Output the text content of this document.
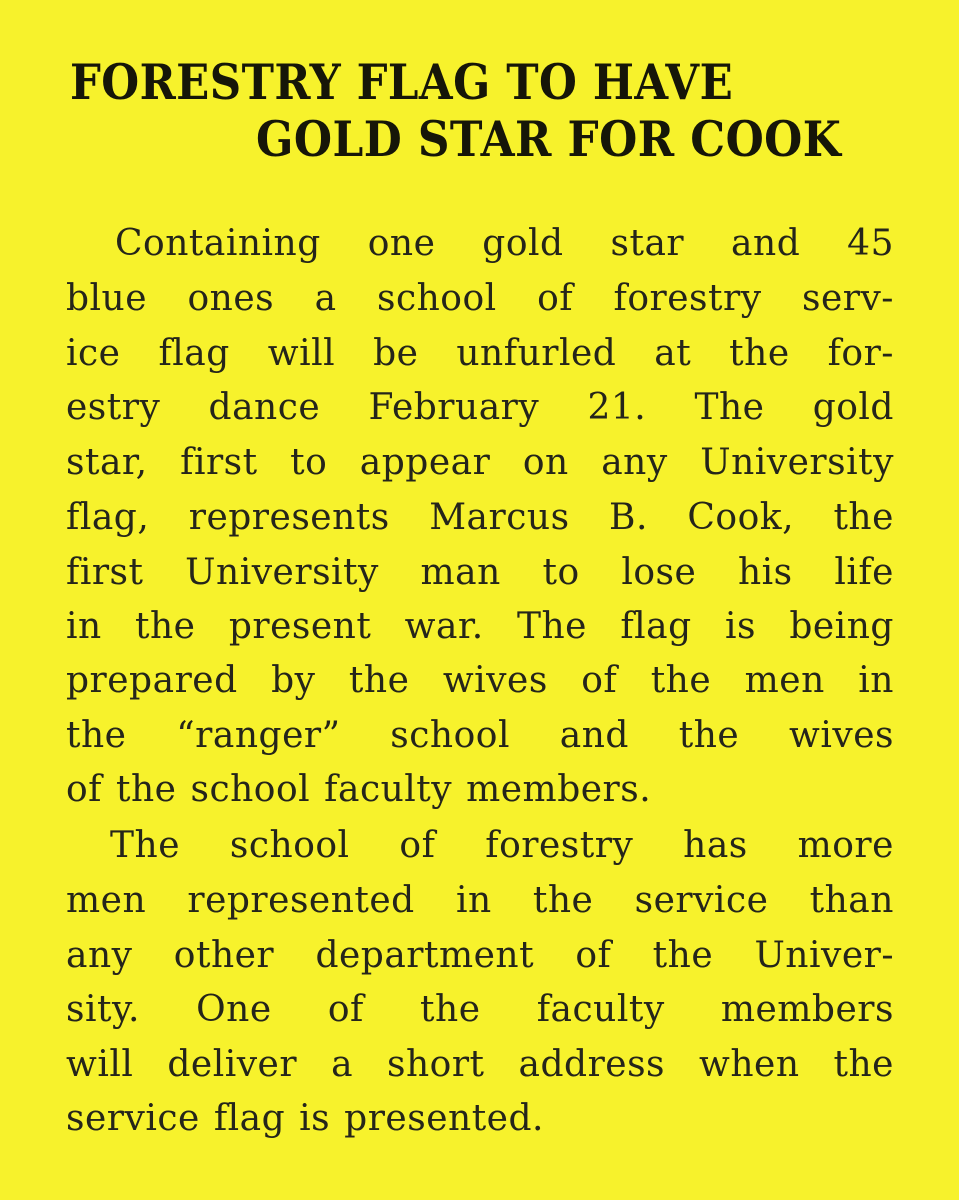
FORESTRY FLAG TO HAVE
GOLD STAR FOR COOK
Containing one gold star and 45
blue ones a school of forestry serv-
ice flag will be unfurled at the for-
estry dance February 21. The gold
star, first to appear on any University
flag, represents Marcus B. Cook, the
first University man to lose his life
in the present war. The flag is being
prepared by the wives of the men in
the “ranger” school and the wives
of the school faculty members.
The school of forestry has more
men represented in the service than
any other department of the Univer-
sity. One of the faculty members
will deliver a short address when the
service flag is presented.
